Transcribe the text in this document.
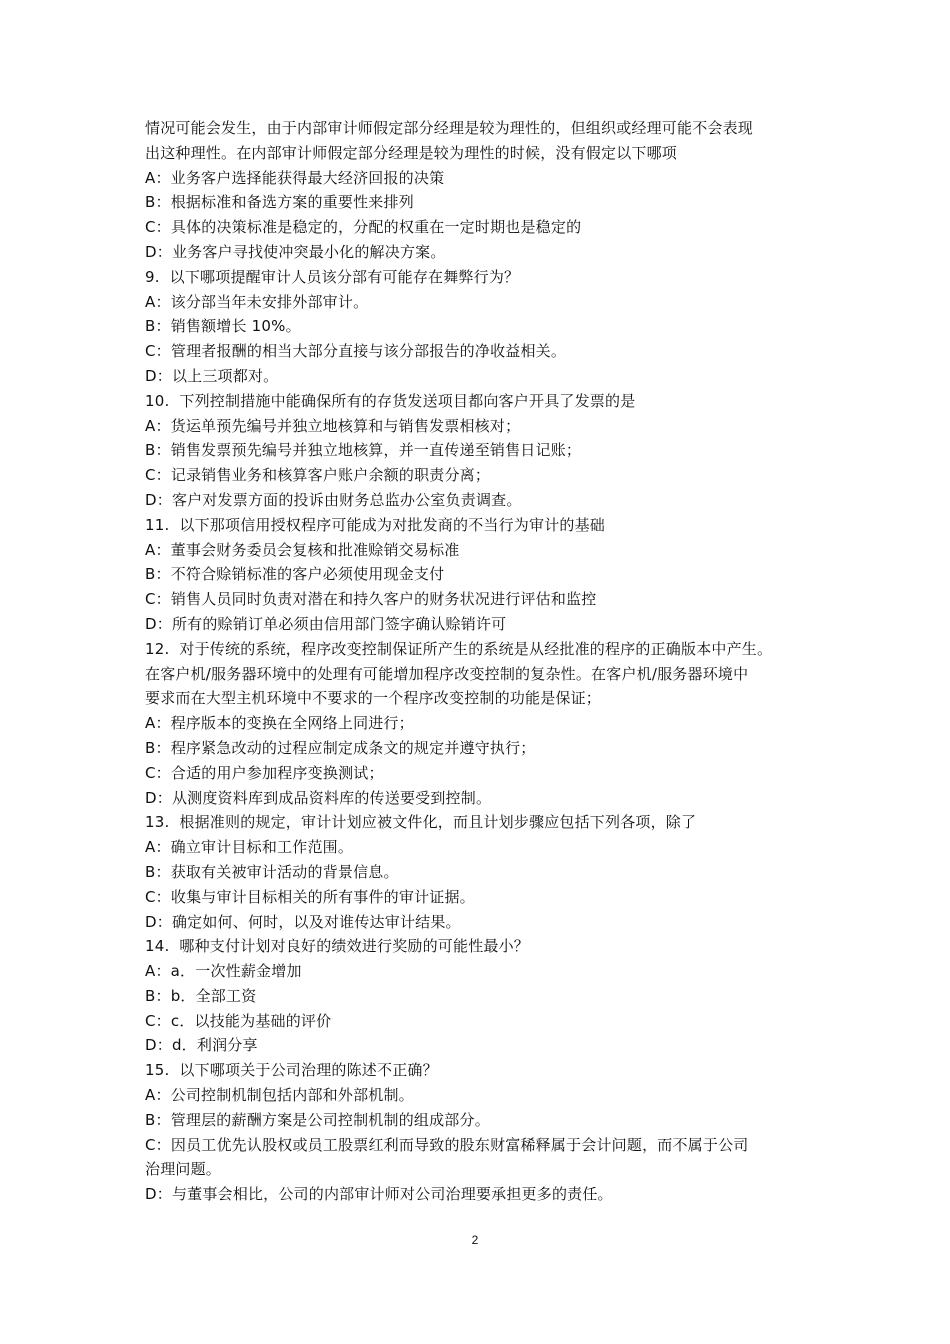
情况可能会发生，由于内部审计师假定部分经理是较为理性的，但组织或经理可能不会表现
出这种理性。在内部审计师假定部分经理是较为理性的时候，没有假定以下哪项
A：业务客户选择能获得最大经济回报的决策
B：根据标准和备选方案的重要性来排列
C：具体的决策标准是稳定的，分配的权重在一定时期也是稳定的
D：业务客户寻找使冲突最小化的解决方案。
9.  以下哪项提醒审计人员该分部有可能存在舞弊行为？
A：该分部当年未安排外部审计。
B：销售额增长 10%。
C：管理者报酬的相当大部分直接与该分部报告的净收益相关。
D：以上三项都对。
10.  下列控制措施中能确保所有的存货发送项目都向客户开具了发票的是
A：货运单预先编号并独立地核算和与销售发票相核对；
B：销售发票预先编号并独立地核算，并一直传递至销售日记账；
C：记录销售业务和核算客户账户余额的职责分离；
D：客户对发票方面的投诉由财务总监办公室负责调查。
11.  以下那项信用授权程序可能成为对批发商的不当行为审计的基础
A：董事会财务委员会复核和批准赊销交易标准
B：不符合赊销标准的客户必须使用现金支付
C：销售人员同时负责对潜在和持久客户的财务状况进行评估和监控
D：所有的赊销订单必须由信用部门签字确认赊销许可
12.  对于传统的系统，程序改变控制保证所产生的系统是从经批准的程序的正确版本中产生。
在客户机/服务器环境中的处理有可能增加程序改变控制的复杂性。在客户机/服务器环境中
要求而在大型主机环境中不要求的一个程序改变控制的功能是保证；
A：程序版本的变换在全网络上同进行；
B：程序紧急改动的过程应制定成条文的规定并遵守执行；
C：合适的用户参加程序变换测试；
D：从测度资料库到成品资料库的传送要受到控制。
13.  根据准则的规定，审计计划应被文件化，而且计划步骤应包括下列各项，除了
A：确立审计目标和工作范围。
B：获取有关被审计活动的背景信息。
C：收集与审计目标相关的所有事件的审计证据。
D：确定如何、何时，以及对谁传达审计结果。
14.  哪种支付计划对良好的绩效进行奖励的可能性最小？
A：a．一次性薪金增加
B：b．全部工资
C：c．以技能为基础的评价
D：d．利润分享
15.  以下哪项关于公司治理的陈述不正确？
A：公司控制机制包括内部和外部机制。
B：管理层的薪酬方案是公司控制机制的组成部分。
C：因员工优先认股权或员工股票红利而导致的股东财富稀释属于会计问题，而不属于公司
治理问题。
D：与董事会相比，公司的内部审计师对公司治理要承担更多的责任。
2
